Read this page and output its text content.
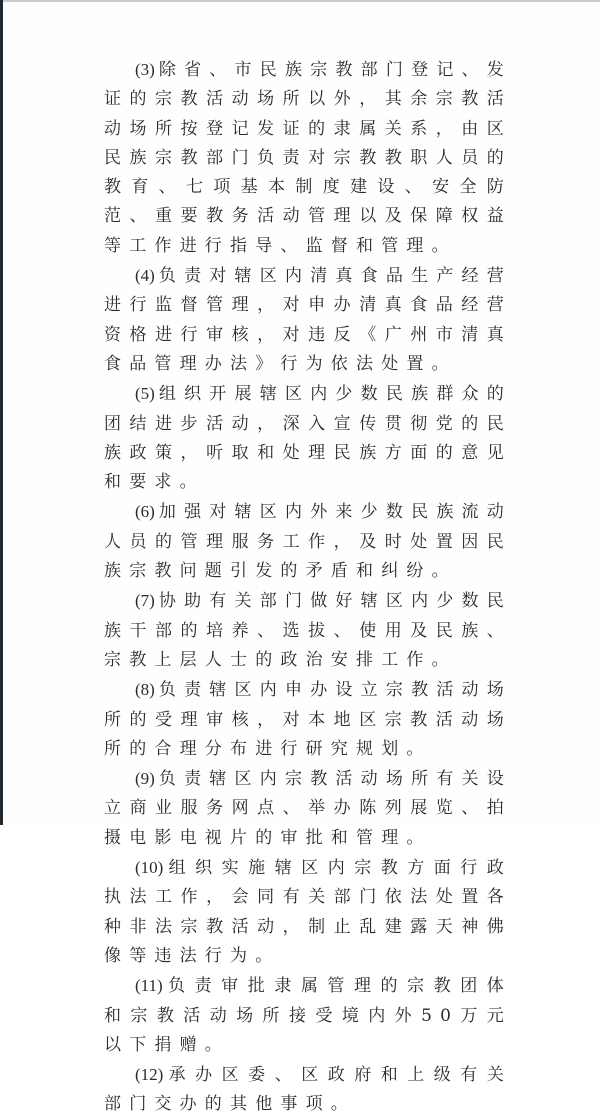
(3) 除省、市民族宗教部门登记、发证的宗教活动场所以外，其余宗教活动场所按登记发证的隶属关系，由区民族宗教部门负责对宗教教职人员的教育、七项基本制度建设、安全防范、重要教务活动管理以及保障权益等工作进行指导、监督和管理。

(4) 负责对辖区内清真食品生产经营进行监督管理，对申办清真食品经营资格进行审核，对违反《广州市清真食品管理办法》行为依法处置。

(5) 组织开展辖区内少数民族群众的团结进步活动，深入宣传贯彻党的民族政策，听取和处理民族方面的意见和要求。

(6) 加强对辖区内外来少数民族流动人员的管理服务工作，及时处置因民族宗教问题引发的矛盾和纠纷。

(7) 协助有关部门做好辖区内少数民族干部的培养、选拔、使用及民族、宗教上层人士的政治安排工作。

(8) 负责辖区内申办设立宗教活动场所的受理审核，对本地区宗教活动场所的合理分布进行研究规划。

(9) 负责辖区内宗教活动场所有关设立商业服务网点、举办陈列展览、拍摄电影电视片的审批和管理。

(10) 组织实施辖区内宗教方面行政执法工作，会同有关部门依法处置各种非法宗教活动，制止乱建露天神佛像等违法行为。

(11) 负责审批隶属管理的宗教团体和宗教活动场所接受境内外50万元以下捐赠。

(12) 承办区委、区政府和上级有关部门交办的其他事项。
